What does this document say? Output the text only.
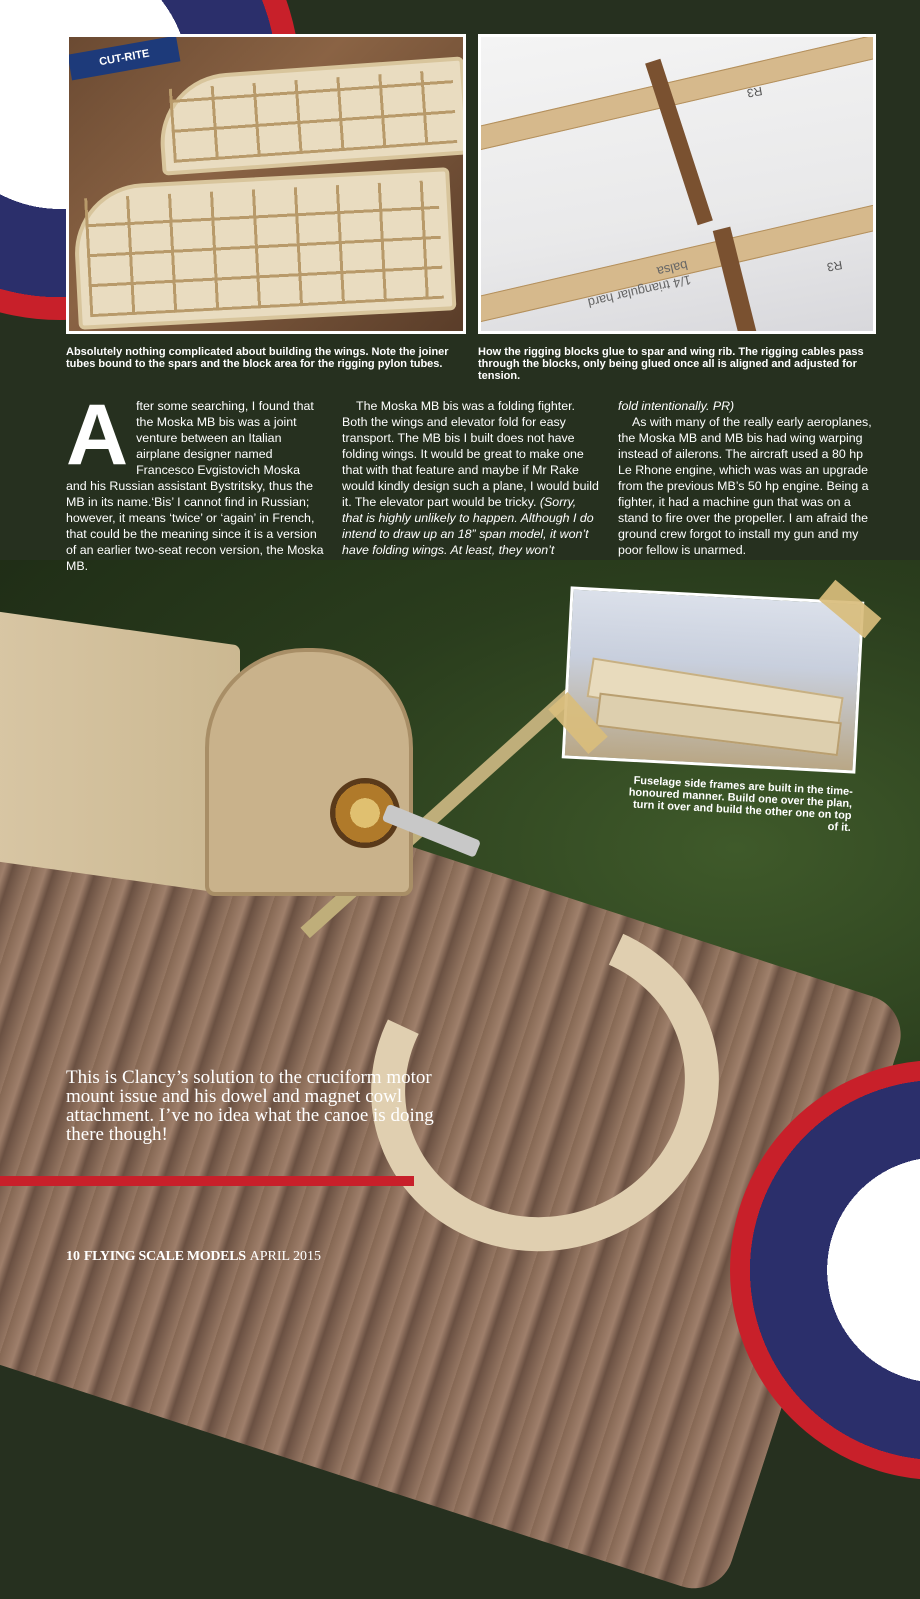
CUT-RITE

Absolutely nothing complicated about building the wings. Note the joiner tubes bound to the spars and the block area for the rigging pylon tubes.

R3
R3
1/4 triangular hard balsa

How the rigging blocks glue to spar and wing rib. The rigging cables pass through the blocks, only being glued once all is aligned and adjusted for tension.

After some searching, I found that the Moska MB bis was a joint venture between an Italian airplane designer named Francesco Evgistovich Moska and his Russian assistant Bystritsky, thus the MB in its name.‘Bis’ I cannot find in Russian; however, it means ‘twice’ or ‘again’ in French, that could be the meaning since it is a version of an earlier two-seat recon version, the Moska MB.
The Moska MB bis was a folding fighter. Both the wings and elevator fold for easy transport. The MB bis I built does not have folding wings. It would be great to make one that with that feature and maybe if Mr Rake would kindly design such a plane, I would build it. The elevator part would be tricky. (Sorry, that is highly unlikely to happen. Although I do intend to draw up an 18” span model, it won’t have folding wings. At least, they won’t
fold intentionally. PR)
As with many of the really early aeroplanes, the Moska MB and MB bis had wing warping instead of ailerons. The aircraft used a 80 hp Le Rhone engine, which was was an upgrade from the previous MB’s 50 hp engine. Being a fighter, it had a machine gun that was on a stand to fire over the propeller. I am afraid the ground crew forgot to install my gun and my poor fellow is unarmed.

Fuselage side frames are built in the time-honoured manner. Build one over the plan, turn it over and build the other one on top of it.

This is Clancy’s solution to the cruciform motor mount issue and his dowel and magnet cowl attachment. I’ve no idea what the canoe is doing there though!

10 FLYING SCALE MODELS APRIL 2015
